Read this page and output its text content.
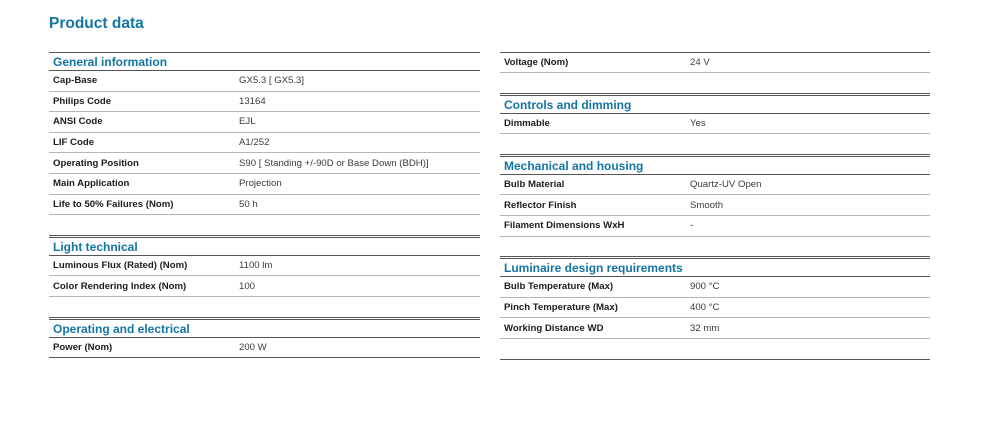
Product data
General information
Cap-Base	GX5.3 [ GX5.3]
Philips Code	13164
ANSI Code	EJL
LIF Code	A1/252
Operating Position	S90 [ Standing +/-90D or Base Down (BDH)]
Main Application	Projection
Life to 50% Failures (Nom)	50 h
Light technical
Luminous Flux (Rated) (Nom)	1100 lm
Color Rendering Index (Nom)	100
Operating and electrical
Power (Nom)	200 W
Voltage (Nom)	24 V
Controls and dimming
Dimmable	Yes
Mechanical and housing
Bulb Material	Quartz-UV Open
Reflector Finish	Smooth
Filament Dimensions WxH	-
Luminaire design requirements
Bulb Temperature (Max)	900 °C
Pinch Temperature (Max)	400 °C
Working Distance WD	32 mm
